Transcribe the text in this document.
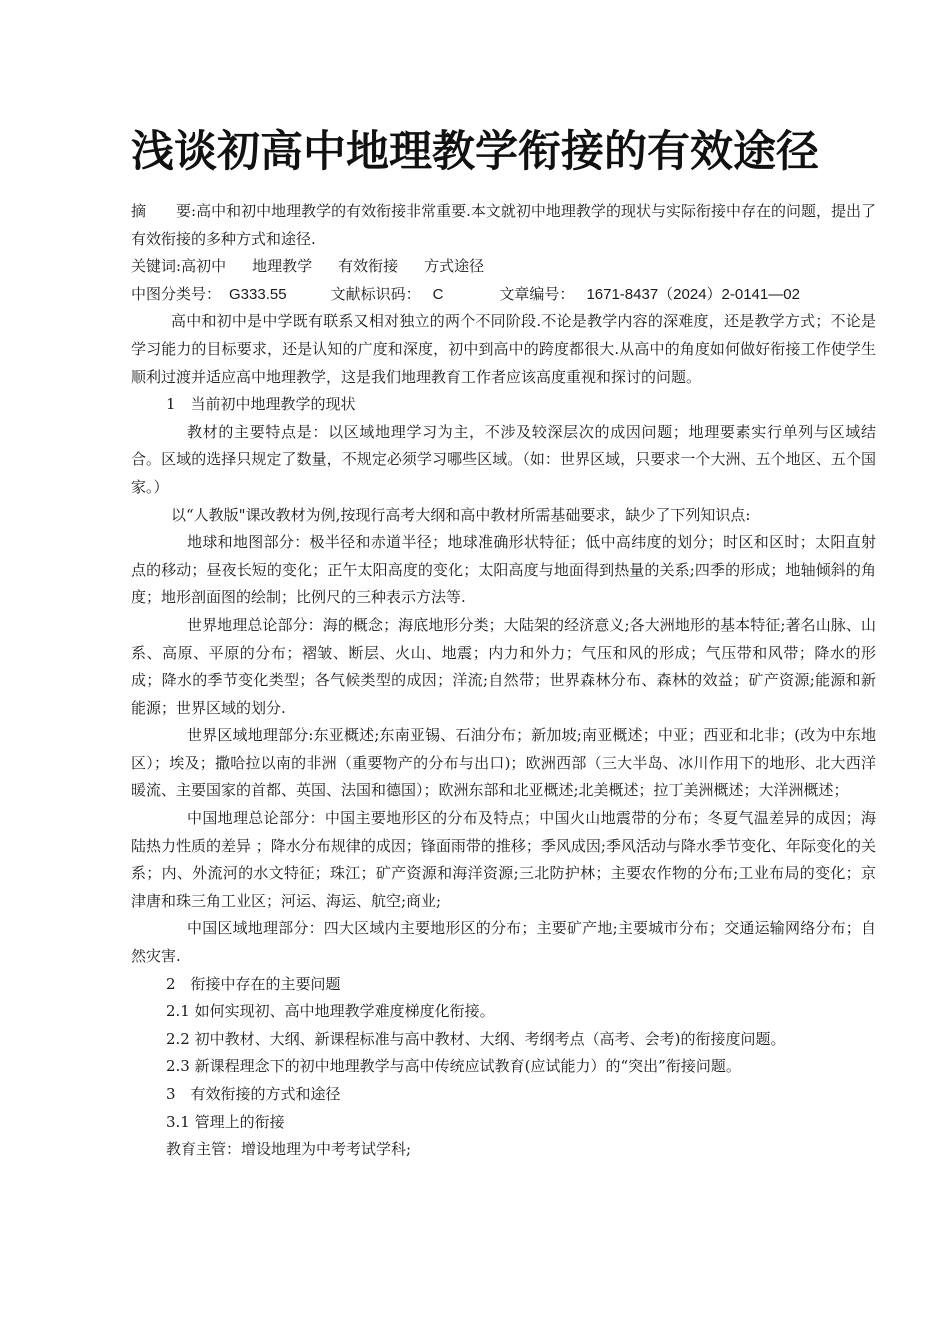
浅谈初高中地理教学衔接的有效途径

摘　　要:高中和初中地理教学的有效衔接非常重要.本文就初中地理教学的现状与实际衔接中存在的问题，提出了有效衔接的多种方式和途径.

关键词:高初中 地理教学 有效衔接 方式途径

中图分类号： G333.55	文献标识码： C	文章编号： 1671-8437（2024）2-0141—02

高中和初中是中学既有联系又相对独立的两个不同阶段.不论是教学内容的深难度，还是教学方式；不论是学习能力的目标要求，还是认知的广度和深度，初中到高中的跨度都很大.从高中的角度如何做好衔接工作使学生顺利过渡并适应高中地理教学，这是我们地理教育工作者应该高度重视和探讨的问题。

1　当前初中地理教学的现状

教材的主要特点是：以区域地理学习为主，不涉及较深层次的成因问题；地理要素实行单列与区域结合。区域的选择只规定了数量，不规定必须学习哪些区域。（如：世界区域，只要求一个大洲、五个地区、五个国家。）

以“人教版"课改教材为例,按现行高考大纲和高中教材所需基础要求，缺少了下列知识点:

地球和地图部分：极半径和赤道半径；地球准确形状特征；低中高纬度的划分；时区和区时；太阳直射点的移动；昼夜长短的变化；正午太阳高度的变化；太阳高度与地面得到热量的关系;四季的形成；地轴倾斜的角度；地形剖面图的绘制；比例尺的三种表示方法等.

世界地理总论部分：海的概念；海底地形分类；大陆架的经济意义;各大洲地形的基本特征;著名山脉、山系、高原、平原的分布；褶皱、断层、火山、地震；内力和外力；气压和风的形成；气压带和风带；降水的形成；降水的季节变化类型；各气候类型的成因；洋流;自然带；世界森林分布、森林的效益；矿产资源;能源和新能源；世界区域的划分.

世界区域地理部分:东亚概述;东南亚锡、石油分布；新加坡;南亚概述；中亚；西亚和北非；(改为中东地区）；埃及；撒哈拉以南的非洲（重要物产的分布与出口)；欧洲西部（三大半岛、冰川作用下的地形、北大西洋暖流、主要国家的首都、英国、法国和德国）；欧洲东部和北亚概述;北美概述；拉丁美洲概述；大洋洲概述；

中国地理总论部分：中国主要地形区的分布及特点；中国火山地震带的分布；冬夏气温差异的成因；海陆热力性质的差异 ；降水分布规律的成因；锋面雨带的推移；季风成因;季风活动与降水季节变化、年际变化的关系；内、外流河的水文特征；珠江；矿产资源和海洋资源;三北防护林；主要农作物的分布;工业布局的变化；京津唐和珠三角工业区；河运、海运、航空;商业;

中国区域地理部分：四大区域内主要地形区的分布；主要矿产地;主要城市分布；交通运输网络分布；自然灾害.

2　衔接中存在的主要问题

2.1 如何实现初、高中地理教学难度梯度化衔接。

2.2 初中教材、大纲、新课程标准与高中教材、大纲、考纲考点（高考、会考)的衔接度问题。

2.3 新课程理念下的初中地理教学与高中传统应试教育(应试能力）的“突出”衔接问题。

3　有效衔接的方式和途径

3.1 管理上的衔接

教育主管：增设地理为中考考试学科;
